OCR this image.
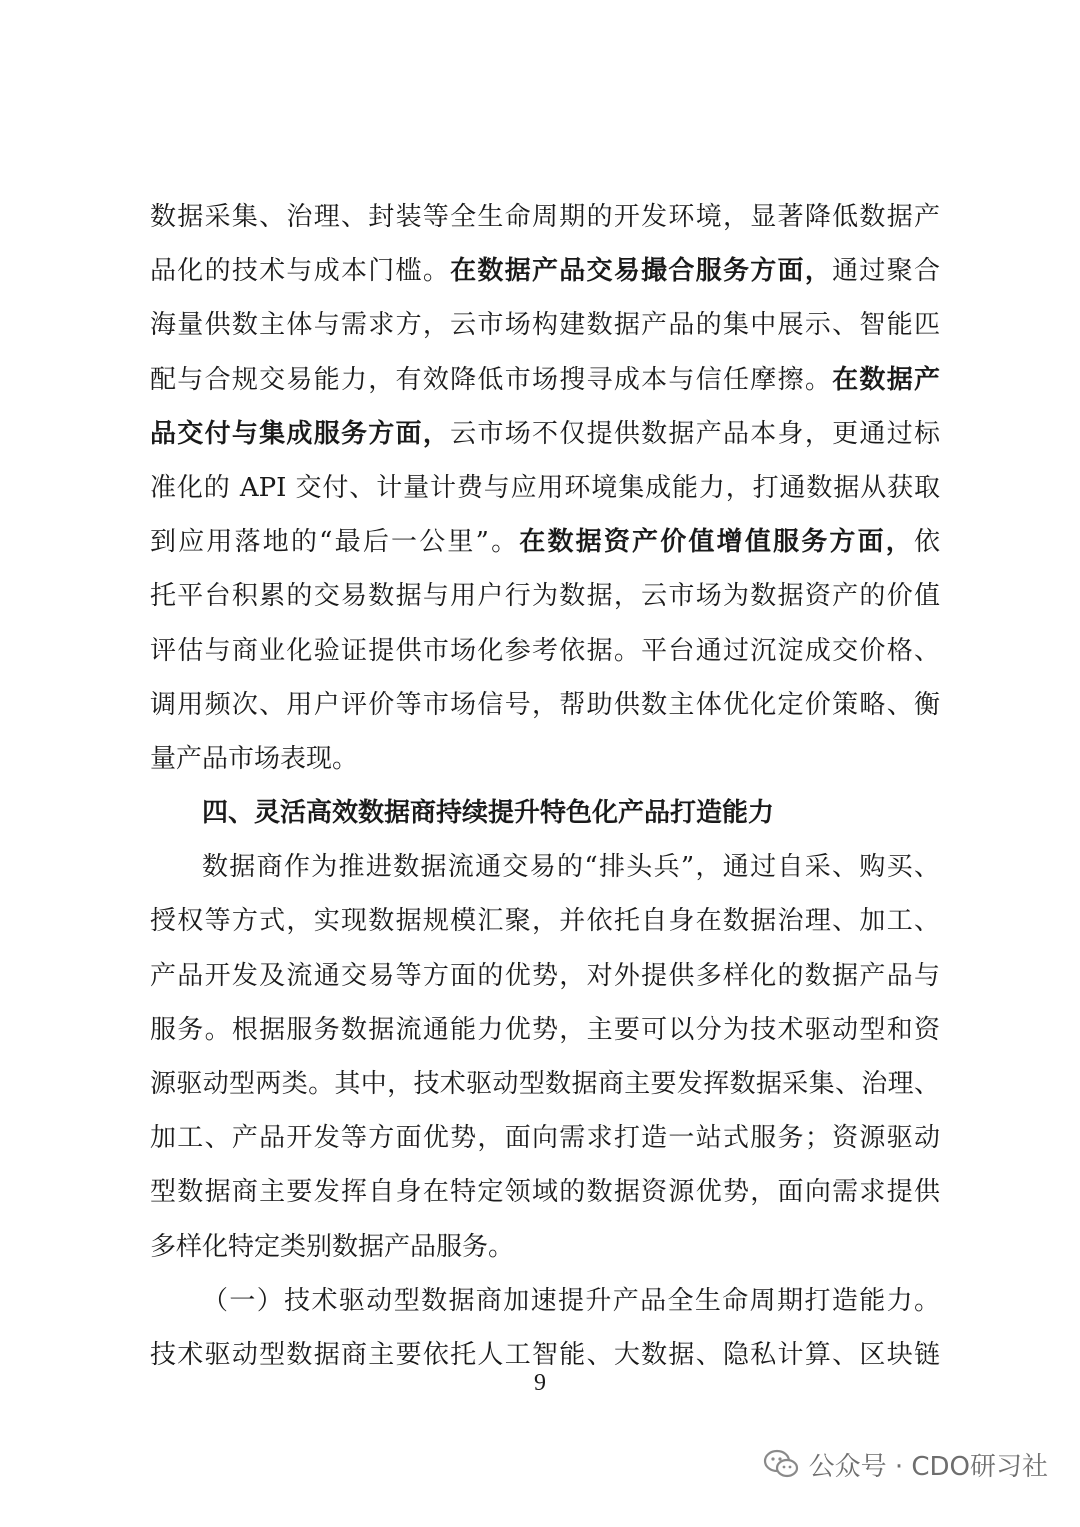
数据采集、治理、封装等全生命周期的开发环境，显著降低数据产
品化的技术与成本门槛。在数据产品交易撮合服务方面，通过聚合
海量供数主体与需求方，云市场构建数据产品的集中展示、智能匹
配与合规交易能力，有效降低市场搜寻成本与信任摩擦。在数据产
品交付与集成服务方面，云市场不仅提供数据产品本身，更通过标
准化的 API 交付、计量计费与应用环境集成能力，打通数据从获取
到应用落地的“最后一公里”。在数据资产价值增值服务方面，依
托平台积累的交易数据与用户行为数据，云市场为数据资产的价值
评估与商业化验证提供市场化参考依据。平台通过沉淀成交价格、
调用频次、用户评价等市场信号，帮助供数主体优化定价策略、衡
量产品市场表现。
四、灵活高效数据商持续提升特色化产品打造能力
数据商作为推进数据流通交易的“排头兵”，通过自采、购买、
授权等方式，实现数据规模汇聚，并依托自身在数据治理、加工、
产品开发及流通交易等方面的优势，对外提供多样化的数据产品与
服务。根据服务数据流通能力优势，主要可以分为技术驱动型和资
源驱动型两类。其中，技术驱动型数据商主要发挥数据采集、治理、
加工、产品开发等方面优势，面向需求打造一站式服务；资源驱动
型数据商主要发挥自身在特定领域的数据资源优势，面向需求提供
多样化特定类别数据产品服务。
（一）技术驱动型数据商加速提升产品全生命周期打造能力。
技术驱动型数据商主要依托人工智能、大数据、隐私计算、区块链
9
公众号 · CDO研习社
